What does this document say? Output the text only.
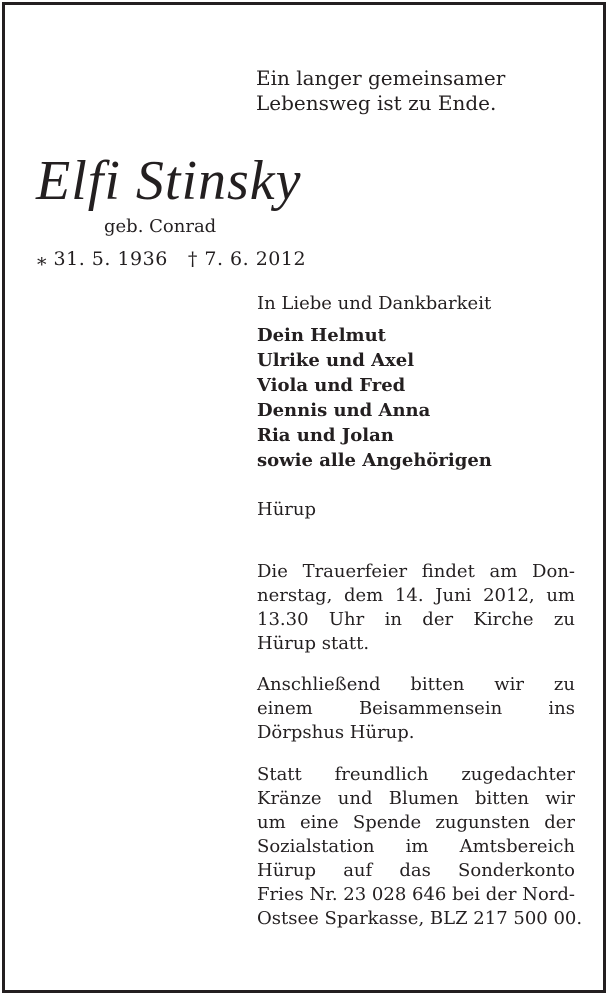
Ein langer gemeinsamer
Lebensweg ist zu Ende.
Elfi Stinsky
geb. Conrad
⁎ 31. 5. 1936 † 7. 6. 2012
In Liebe und Dankbarkeit
Dein Helmut
Ulrike und Axel
Viola und Fred
Dennis und Anna
Ria und Jolan
sowie alle Angehörigen
Hürup
Die Trauerfeier findet am Don-
nerstag, dem 14. Juni 2012, um
13.30 Uhr in der Kirche zu
Hürup statt.
Anschließend bitten wir zu
einem Beisammensein ins
Dörpshus Hürup.
Statt freundlich zugedachter
Kränze und Blumen bitten wir
um eine Spende zugunsten der
Sozialstation im Amtsbereich
Hürup auf das Sonderkonto
Fries Nr. 23 028 646 bei der Nord-
Ostsee Sparkasse, BLZ 217 500 00.
